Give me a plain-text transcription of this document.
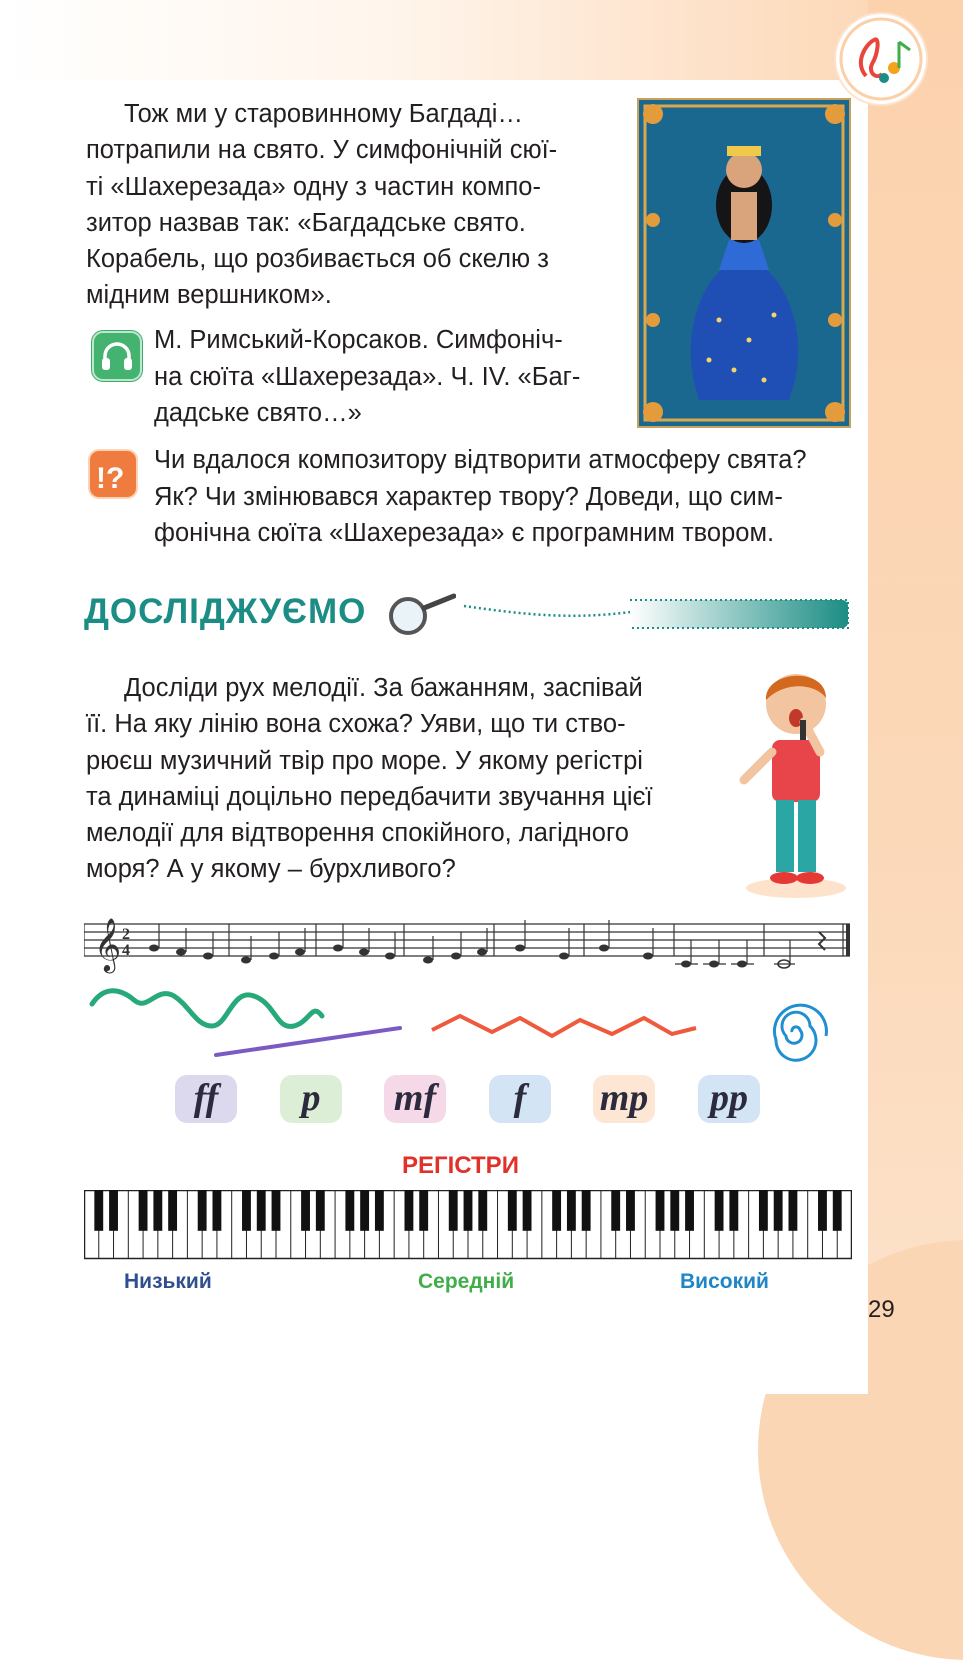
Тож ми у старовинному Багдаді…
потрапили на свято. У симфонічній сюї-
ті «Шахерезада» одну з частин компо-
зитор назвав так: «Багдадське свято.
Корабель, що розбивається об скелю з
мідним вершником».
М. Римський-Корсаков. Симфоніч-
на сюїта «Шахерезада». Ч. IV. «Баг-
дадське свято…»
!?
Чи вдалося композитору відтворити атмосферу свята?
Як? Чи змінювався характер твору? Доведи, що сим-
фонічна сюїта «Шахерезада» є програмним твором.
ДОСЛІДЖУЄМО
Досліди рух мелодії. За бажанням, заспівай
її. На яку лінію вона схожа? Уяви, що ти ство-
рюєш музичний твір про море. У якому регістрі
та динаміці доцільно передбачити звучання цієї
мелодії для відтворення спокійного, лагідного
моря? А у якому – бурхливого?
𝄞 2
4
ff	p	mf	f	mp	pp
РЕГІСТРИ
Низький	Середній	Високий
29
